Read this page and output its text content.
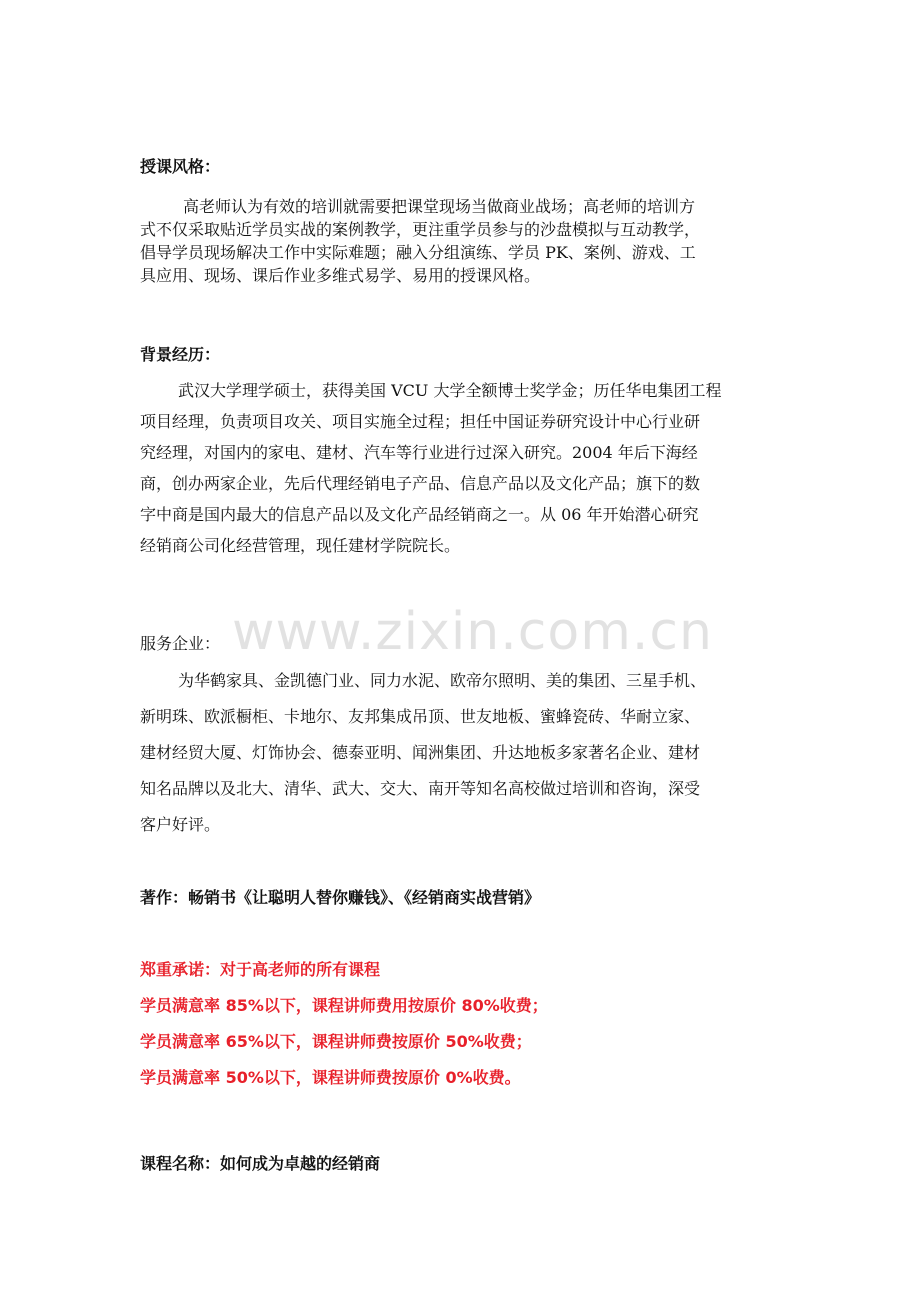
授课风格：
高老师认为有效的培训就需要把课堂现场当做商业战场；高老师的培训方
式不仅采取贴近学员实战的案例教学，更注重学员参与的沙盘模拟与互动教学，
倡导学员现场解决工作中实际难题；融入分组演练、学员 PK、案例、游戏、工
具应用、现场、课后作业多维式易学、易用的授课风格。
背景经历：
武汉大学理学硕士，获得美国 VCU 大学全额博士奖学金；历任华电集团工程
项目经理，负责项目攻关、项目实施全过程；担任中国证券研究设计中心行业研
究经理，对国内的家电、建材、汽车等行业进行过深入研究。2004 年后下海经
商，创办两家企业，先后代理经销电子产品、信息产品以及文化产品；旗下的数
字中商是国内最大的信息产品以及文化产品经销商之一。从 06 年开始潜心研究
经销商公司化经营管理，现任建材学院院长。
www.zixin.com.cn
服务企业：
为华鹤家具、金凯德门业、同力水泥、欧帝尔照明、美的集团、三星手机、
新明珠、欧派橱柜、卡地尔、友邦集成吊顶、世友地板、蜜蜂瓷砖、华耐立家、
建材经贸大厦、灯饰协会、德泰亚明、闻洲集团、升达地板多家著名企业、建材
知名品牌以及北大、清华、武大、交大、南开等知名高校做过培训和咨询，深受
客户好评。
著作：畅销书《让聪明人替你赚钱》、《经销商实战营销》
郑重承诺：对于高老师的所有课程
学员满意率 85%以下，课程讲师费用按原价 80%收费；
学员满意率 65%以下，课程讲师费按原价 50%收费；
学员满意率 50%以下，课程讲师费按原价 0%收费。
课程名称：如何成为卓越的经销商
